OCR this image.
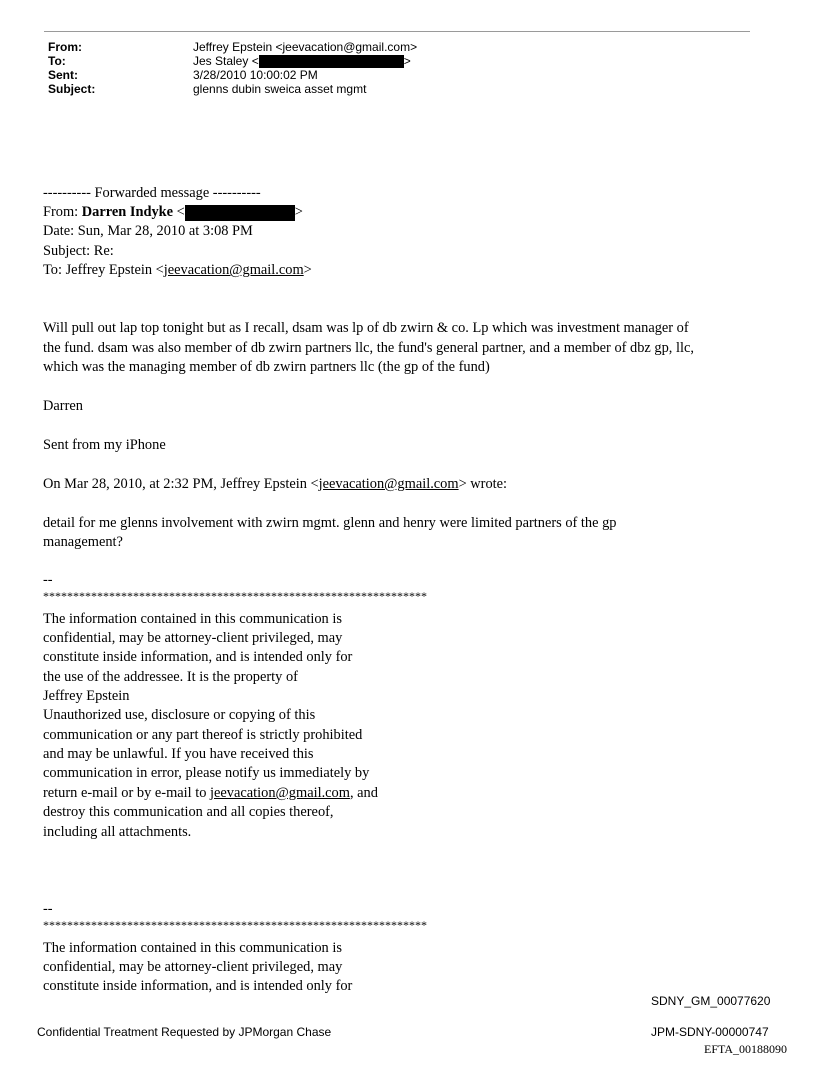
From:	Jeffrey Epstein <jeevacation@gmail.com>
To:	Jes Staley <	>
Sent:	3/28/2010 10:00:02 PM
Subject:	glenns dubin sweica asset mgmt
---------- Forwarded message ----------
From: Darren Indyke <	>
Date: Sun, Mar 28, 2010 at 3:08 PM
Subject: Re:
To: Jeffrey Epstein <jeevacation@gmail.com>
Will pull out lap top tonight but as I recall, dsam was lp of db zwirn & co. Lp which was investment manager of
the fund. dsam was also member of db zwirn partners llc, the fund's general partner, and a member of dbz gp, llc,
which was the managing member of db zwirn partners llc (the gp of the fund)
Darren
Sent from my iPhone
On Mar 28, 2010, at 2:32 PM, Jeffrey Epstein <jeevacation@gmail.com> wrote:
detail for me glenns involvement with zwirn mgmt. glenn and henry were limited partners of the gp
management?
--
****************************************************************
The information contained in this communication is
confidential, may be attorney-client privileged, may
constitute inside information, and is intended only for
the use of the addressee. It is the property of
Jeffrey Epstein
Unauthorized use, disclosure or copying of this
communication or any part thereof is strictly prohibited
and may be unlawful. If you have received this
communication in error, please notify us immediately by
return e-mail or by e-mail to jeevacation@gmail.com, and
destroy this communication and all copies thereof,
including all attachments.
--
****************************************************************
The information contained in this communication is
confidential, may be attorney-client privileged, may
constitute inside information, and is intended only for
SDNY_GM_00077620
Confidential Treatment Requested by JPMorgan Chase	JPM-SDNY-00000747
EFTA_00188090
